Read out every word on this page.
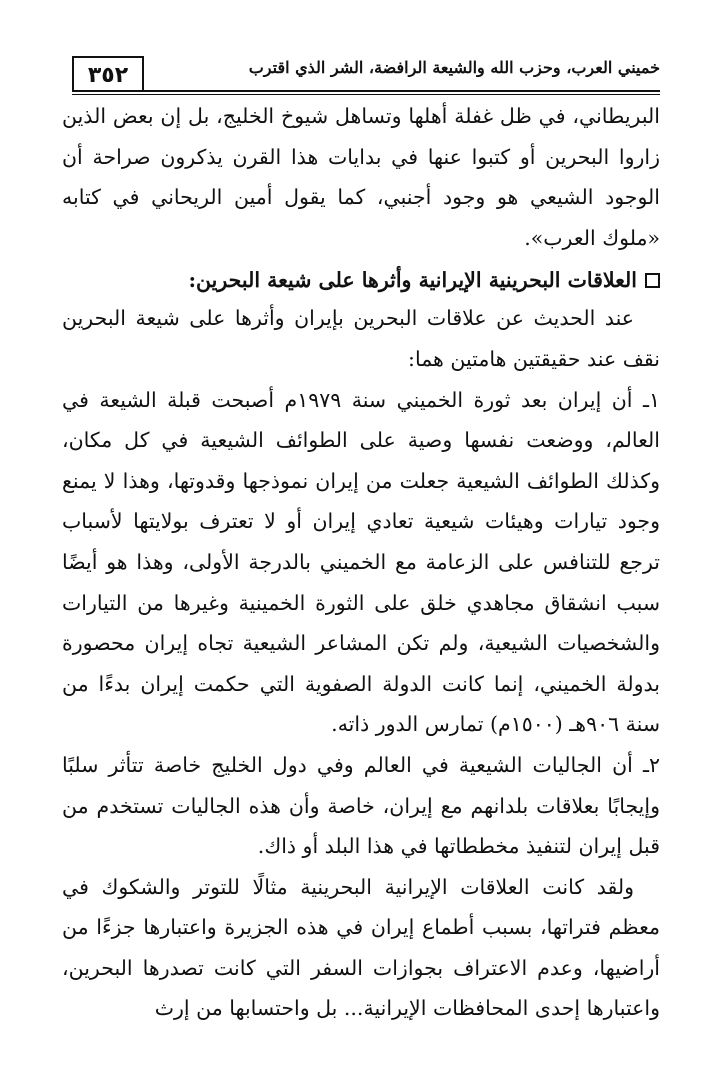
٣٥٢	خميني العرب، وحزب الله والشيعة الرافضة، الشر الذي اقترب

البريطاني، في ظل غفلة أهلها وتساهل شيوخ الخليج، بل إن بعض الذين زاروا البحرين أو كتبوا عنها في بدايات هذا القرن يذكرون صراحة أن الوجود الشيعي هو وجود أجنبي، كما يقول أمين الريحاني في كتابه «ملوك العرب».

العلاقات البحرينية الإيرانية وأثرها على شيعة البحرين:

عند الحديث عن علاقات البحرين بإيران وأثرها على شيعة البحرين نقف عند حقيقتين هامتين هما:

١ـ أن إيران بعد ثورة الخميني سنة ١٩٧٩م أصبحت قبلة الشيعة في العالم، ووضعت نفسها وصية على الطوائف الشيعية في كل مكان، وكذلك الطوائف الشيعية جعلت من إيران نموذجها وقدوتها، وهذا لا يمنع وجود تيارات وهيئات شيعية تعادي إيران أو لا تعترف بولايتها لأسباب ترجع للتنافس على الزعامة مع الخميني بالدرجة الأولى، وهذا هو أيضًا سبب انشقاق مجاهدي خلق على الثورة الخمينية وغيرها من التيارات والشخصيات الشيعية، ولم تكن المشاعر الشيعية تجاه إيران محصورة بدولة الخميني، إنما كانت الدولة الصفوية التي حكمت إيران بدءًا من سنة ٩٠٦هـ (١٥٠٠م) تمارس الدور ذاته.

٢ـ أن الجاليات الشيعية في العالم وفي دول الخليج خاصة تتأثر سلبًا وإيجابًا بعلاقات بلدانهم مع إيران، خاصة وأن هذه الجاليات تستخدم من قبل إيران لتنفيذ مخططاتها في هذا البلد أو ذاك.

ولقد كانت العلاقات الإيرانية البحرينية مثالًا للتوتر والشكوك في معظم فتراتها، بسبب أطماع إيران في هذه الجزيرة واعتبارها جزءًا من أراضيها، وعدم الاعتراف بجوازات السفر التي كانت تصدرها البحرين، واعتبارها إحدى المحافظات الإيرانية... بل واحتسابها من إرث
